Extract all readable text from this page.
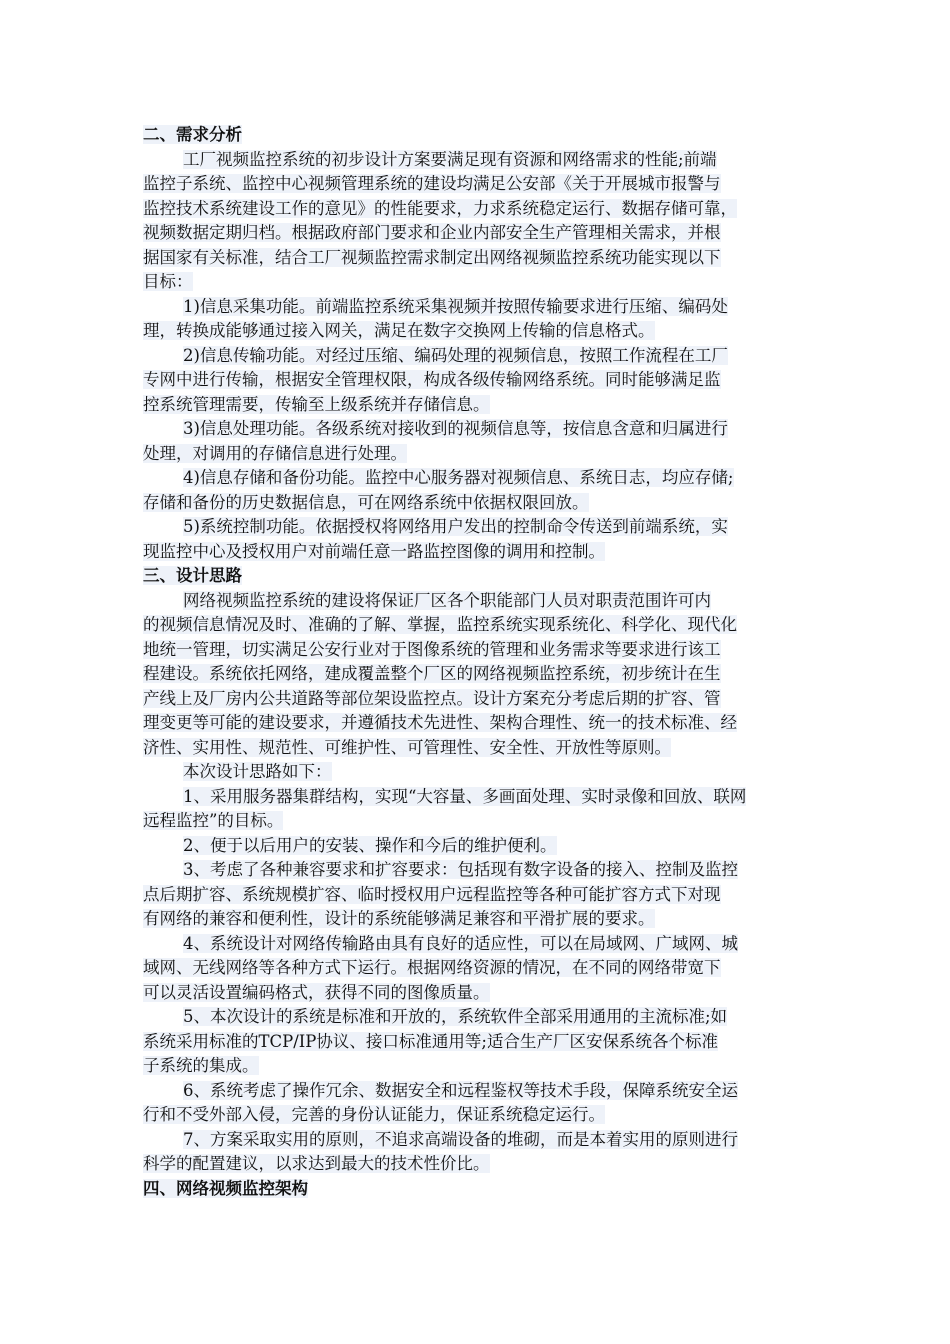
二、需求分析
工厂视频监控系统的初步设计方案要满足现有资源和网络需求的性能;前端
监控子系统、监控中心视频管理系统的建设均满足公安部《关于开展城市报警与
监控技术系统建设工作的意见》的性能要求，力求系统稳定运行、数据存储可靠，
视频数据定期归档。根据政府部门要求和企业内部安全生产管理相关需求，并根
据国家有关标准，结合工厂视频监控需求制定出网络视频监控系统功能实现以下
目标：
1)信息采集功能。前端监控系统采集视频并按照传输要求进行压缩、编码处
理，转换成能够通过接入网关，满足在数字交换网上传输的信息格式。
2)信息传输功能。对经过压缩、编码处理的视频信息，按照工作流程在工厂
专网中进行传输，根据安全管理权限，构成各级传输网络系统。同时能够满足监
控系统管理需要，传输至上级系统并存储信息。
3)信息处理功能。各级系统对接收到的视频信息等，按信息含意和归属进行
处理，对调用的存储信息进行处理。
4)信息存储和备份功能。监控中心服务器对视频信息、系统日志，均应存储;
存储和备份的历史数据信息，可在网络系统中依据权限回放。
5)系统控制功能。依据授权将网络用户发出的控制命令传送到前端系统，实
现监控中心及授权用户对前端任意一路监控图像的调用和控制。
三、设计思路
网络视频监控系统的建设将保证厂区各个职能部门人员对职责范围许可内
的视频信息情况及时、准确的了解、掌握，监控系统实现系统化、科学化、现代化
地统一管理，切实满足公安行业对于图像系统的管理和业务需求等要求进行该工
程建设。系统依托网络，建成覆盖整个厂区的网络视频监控系统，初步统计在生
产线上及厂房内公共道路等部位架设监控点。设计方案充分考虑后期的扩容、管
理变更等可能的建设要求，并遵循技术先进性、架构合理性、统一的技术标准、经
济性、实用性、规范性、可维护性、可管理性、安全性、开放性等原则。
本次设计思路如下：
1、采用服务器集群结构，实现“大容量、多画面处理、实时录像和回放、联网
远程监控”的目标。
2、便于以后用户的安装、操作和今后的维护便利。
3、考虑了各种兼容要求和扩容要求：包括现有数字设备的接入、控制及监控
点后期扩容、系统规模扩容、临时授权用户远程监控等各种可能扩容方式下对现
有网络的兼容和便利性，设计的系统能够满足兼容和平滑扩展的要求。
4、系统设计对网络传输路由具有良好的适应性，可以在局域网、广域网、城
域网、无线网络等各种方式下运行。根据网络资源的情况，在不同的网络带宽下
可以灵活设置编码格式，获得不同的图像质量。
5、本次设计的系统是标准和开放的，系统软件全部采用通用的主流标准;如
系统采用标准的TCP/IP协议、接口标准通用等;适合生产厂区安保系统各个标准
子系统的集成。
6、系统考虑了操作冗余、数据安全和远程鉴权等技术手段，保障系统安全运
行和不受外部入侵，完善的身份认证能力，保证系统稳定运行。
7、方案采取实用的原则，不追求高端设备的堆砌，而是本着实用的原则进行
科学的配置建议，以求达到最大的技术性价比。
四、网络视频监控架构
